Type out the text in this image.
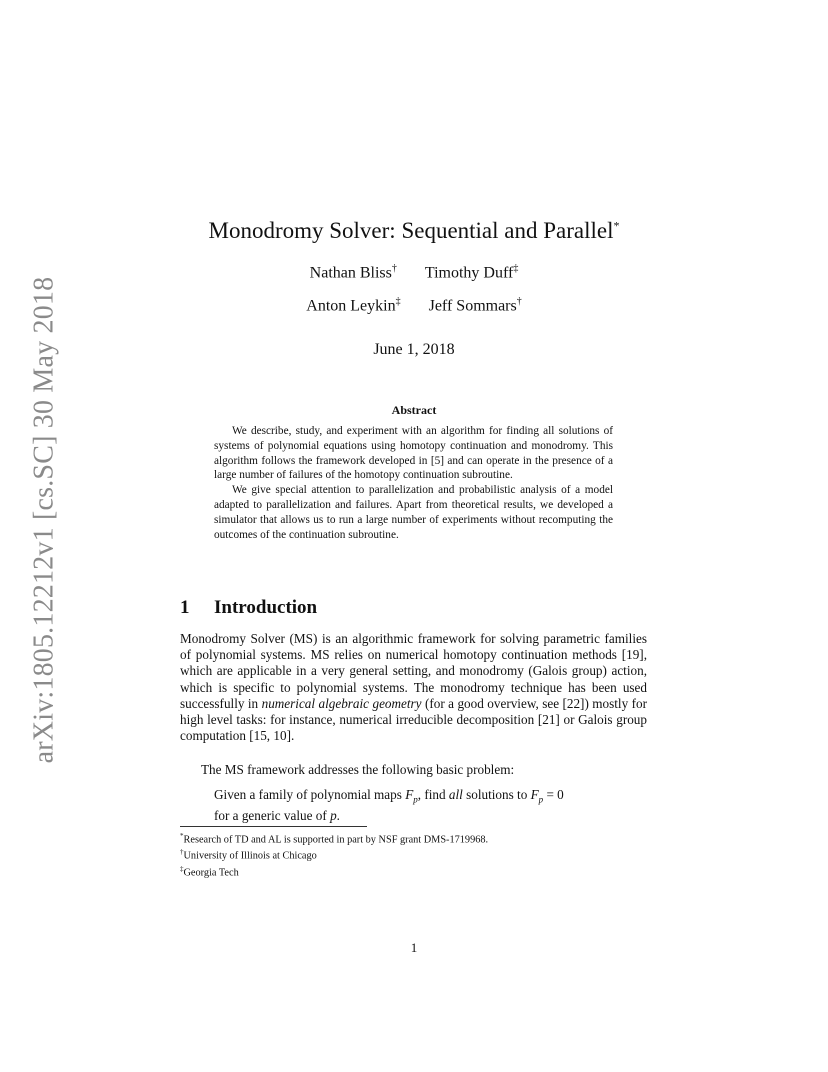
arXiv:1805.12212v1 [cs.SC] 30 May 2018
Monodromy Solver: Sequential and Parallel*
Nathan Bliss† Timothy Duff‡
Anton Leykin‡ Jeff Sommars†
June 1, 2018
Abstract

We describe, study, and experiment with an algorithm for finding all solutions of systems of polynomial equations using homotopy continuation and monodromy. This algorithm follows the framework developed in [5] and can operate in the presence of a large number of failures of the homotopy continuation subroutine.

We give special attention to parallelization and probabilistic analysis of a model adapted to parallelization and failures. Apart from theoretical results, we developed a simulator that allows us to run a large number of experiments without recomputing the outcomes of the continuation subroutine.

1 Introduction

Monodromy Solver (MS) is an algorithmic framework for solving parametric families of polynomial systems. MS relies on numerical homotopy continuation methods [19], which are applicable in a very general setting, and monodromy (Galois group) action, which is specific to polynomial systems. The monodromy technique has been used successfully in numerical algebraic geometry (for a good overview, see [22]) mostly for high level tasks: for instance, numerical irreducible decomposition [21] or Galois group computation [15, 10].

The MS framework addresses the following basic problem:
Given a family of polynomial maps $F_p$, find all solutions to $F_p = 0$
for a generic value of p.
*Research of TD and AL is supported in part by NSF grant DMS-1719968.
†University of Illinois at Chicago
‡Georgia Tech
1
